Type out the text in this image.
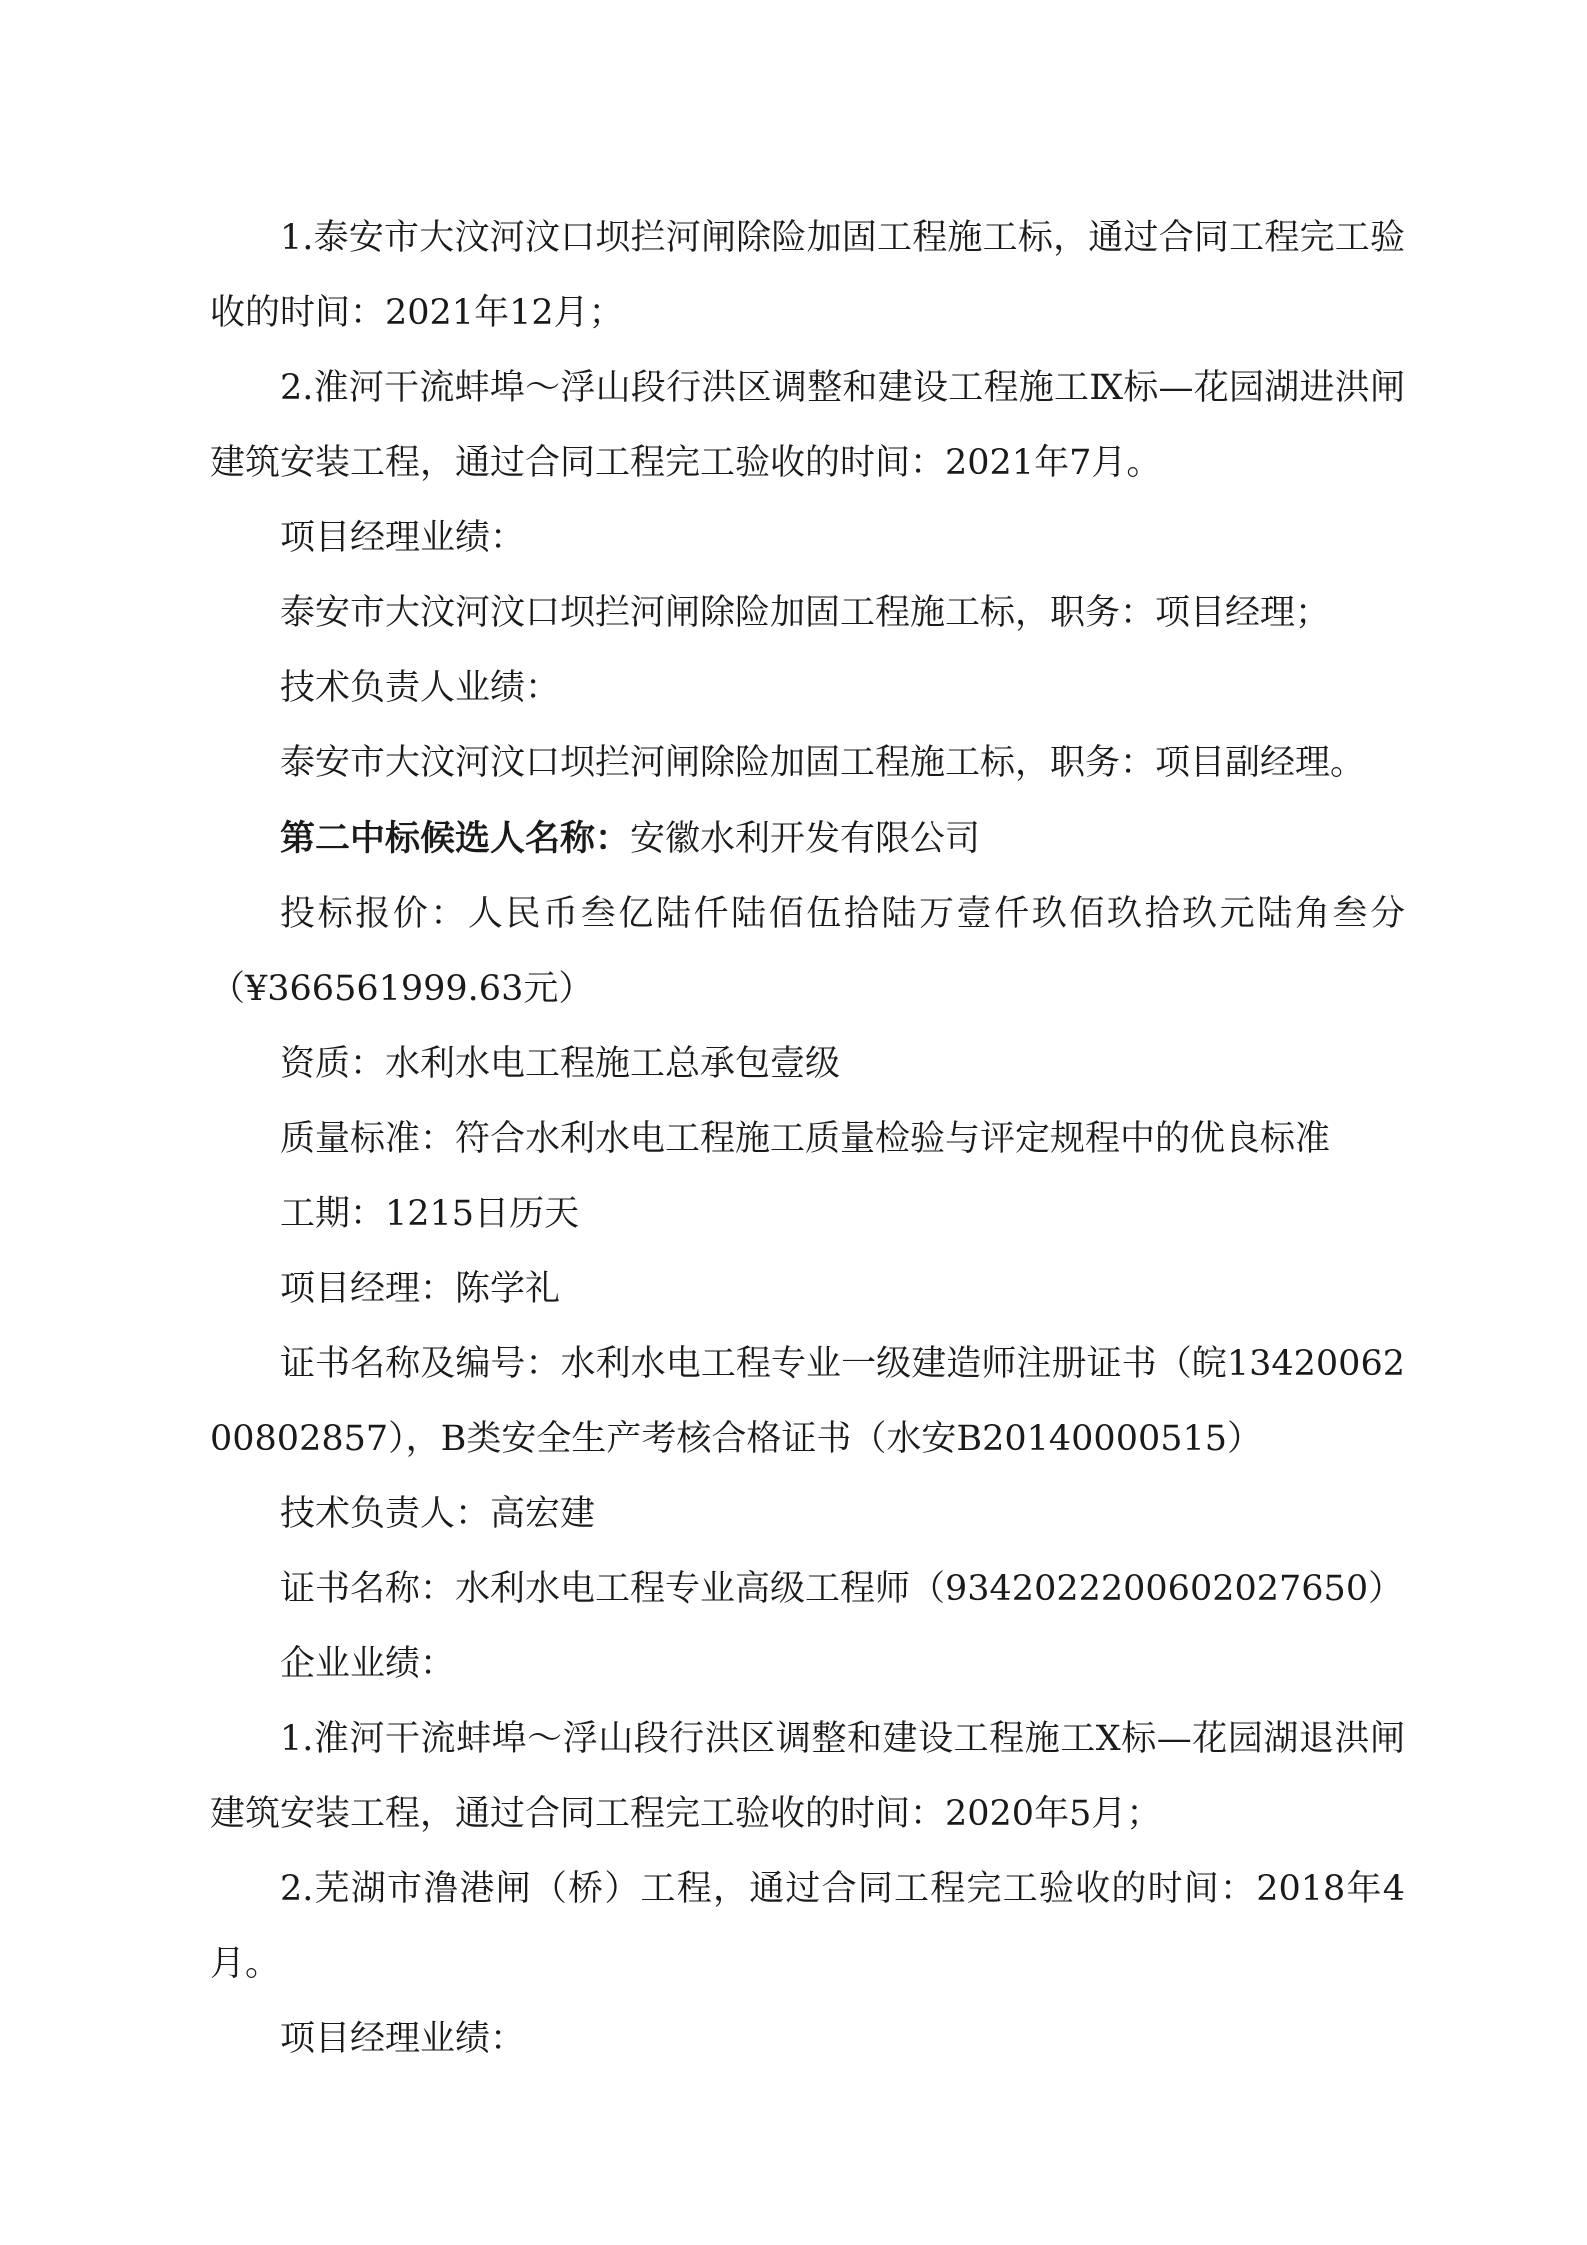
1.泰安市大汶河汶口坝拦河闸除险加固工程施工标，通过合同工程完工验收的时间：2021年12月；

2.淮河干流蚌埠～浮山段行洪区调整和建设工程施工Ⅸ标—花园湖进洪闸建筑安装工程，通过合同工程完工验收的时间：2021年7月。

项目经理业绩：

泰安市大汶河汶口坝拦河闸除险加固工程施工标，职务：项目经理；

技术负责人业绩：

泰安市大汶河汶口坝拦河闸除险加固工程施工标，职务：项目副经理。

第二中标候选人名称：安徽水利开发有限公司

投标报价：人民币叁亿陆仟陆佰伍拾陆万壹仟玖佰玖拾玖元陆角叁分（¥366561999.63元）

资质：水利水电工程施工总承包壹级

质量标准：符合水利水电工程施工质量检验与评定规程中的优良标准

工期：1215日历天

项目经理：陈学礼

证书名称及编号：水利水电工程专业一级建造师注册证书（皖1342006200802857），B类安全生产考核合格证书（水安B20140000515）

技术负责人：高宏建

证书名称：水利水电工程专业高级工程师（9342022200602027650）

企业业绩：

1.淮河干流蚌埠～浮山段行洪区调整和建设工程施工Ⅹ标—花园湖退洪闸建筑安装工程，通过合同工程完工验收的时间：2020年5月；

2.芜湖市澛港闸（桥）工程，通过合同工程完工验收的时间：2018年4月。

项目经理业绩：
